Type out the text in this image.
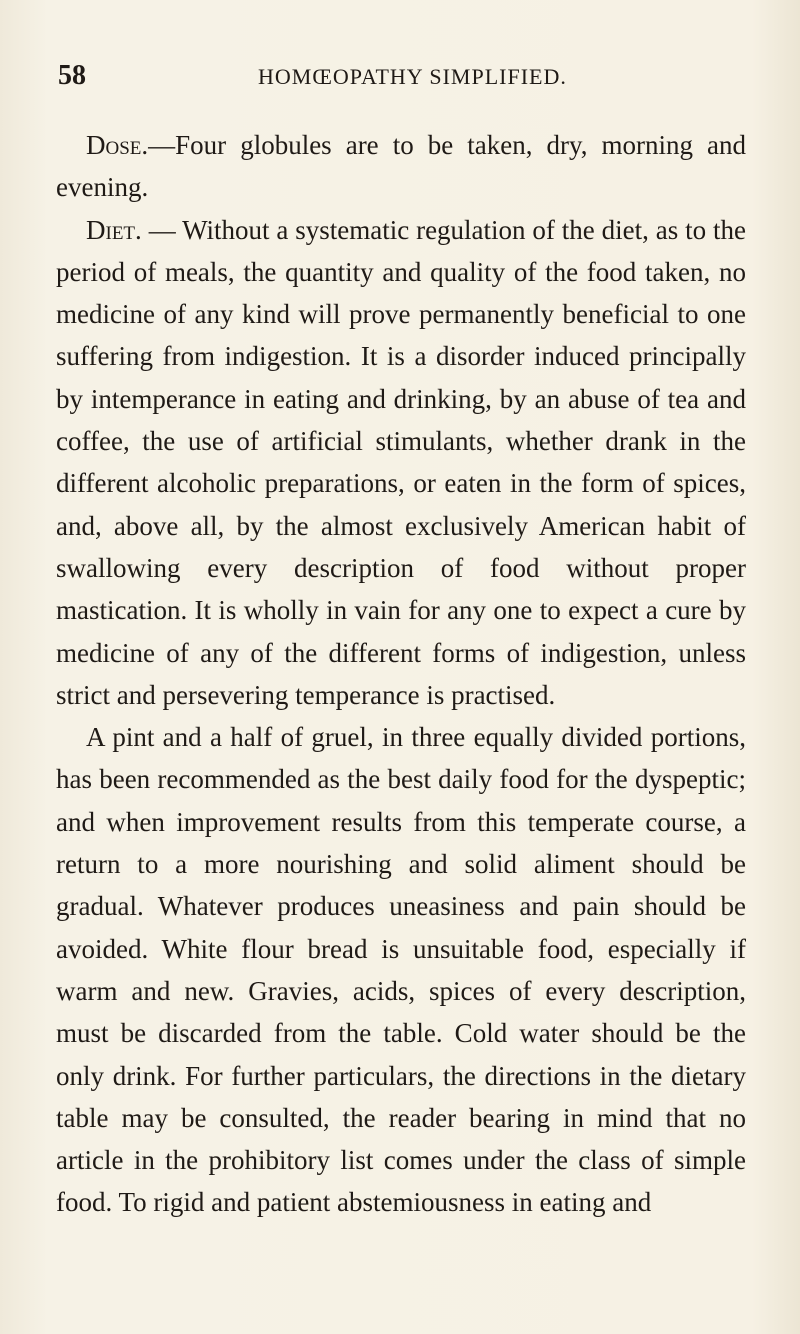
58	HOMŒOPATHY SIMPLIFIED.

Dose.—Four globules are to be taken, dry, morning and evening.

Diet. — Without a systematic regulation of the diet, as to the period of meals, the quantity and quality of the food taken, no medicine of any kind will prove permanently beneficial to one suffering from indigestion. It is a disorder induced principally by intemperance in eating and drinking, by an abuse of tea and coffee, the use of artificial stimulants, whether drank in the different alcoholic preparations, or eaten in the form of spices, and, above all, by the almost exclusively American habit of swallowing every description of food without proper mastication. It is wholly in vain for any one to expect a cure by medicine of any of the different forms of indigestion, unless strict and persevering temperance is practised.

A pint and a half of gruel, in three equally divided portions, has been recommended as the best daily food for the dyspeptic; and when improvement results from this temperate course, a return to a more nourishing and solid aliment should be gradual. Whatever produces uneasiness and pain should be avoided. White flour bread is unsuitable food, especially if warm and new. Gravies, acids, spices of every description, must be discarded from the table. Cold water should be the only drink. For further particulars, the directions in the dietary table may be consulted, the reader bearing in mind that no article in the prohibitory list comes under the class of simple food. To rigid and patient abstemiousness in eating and
